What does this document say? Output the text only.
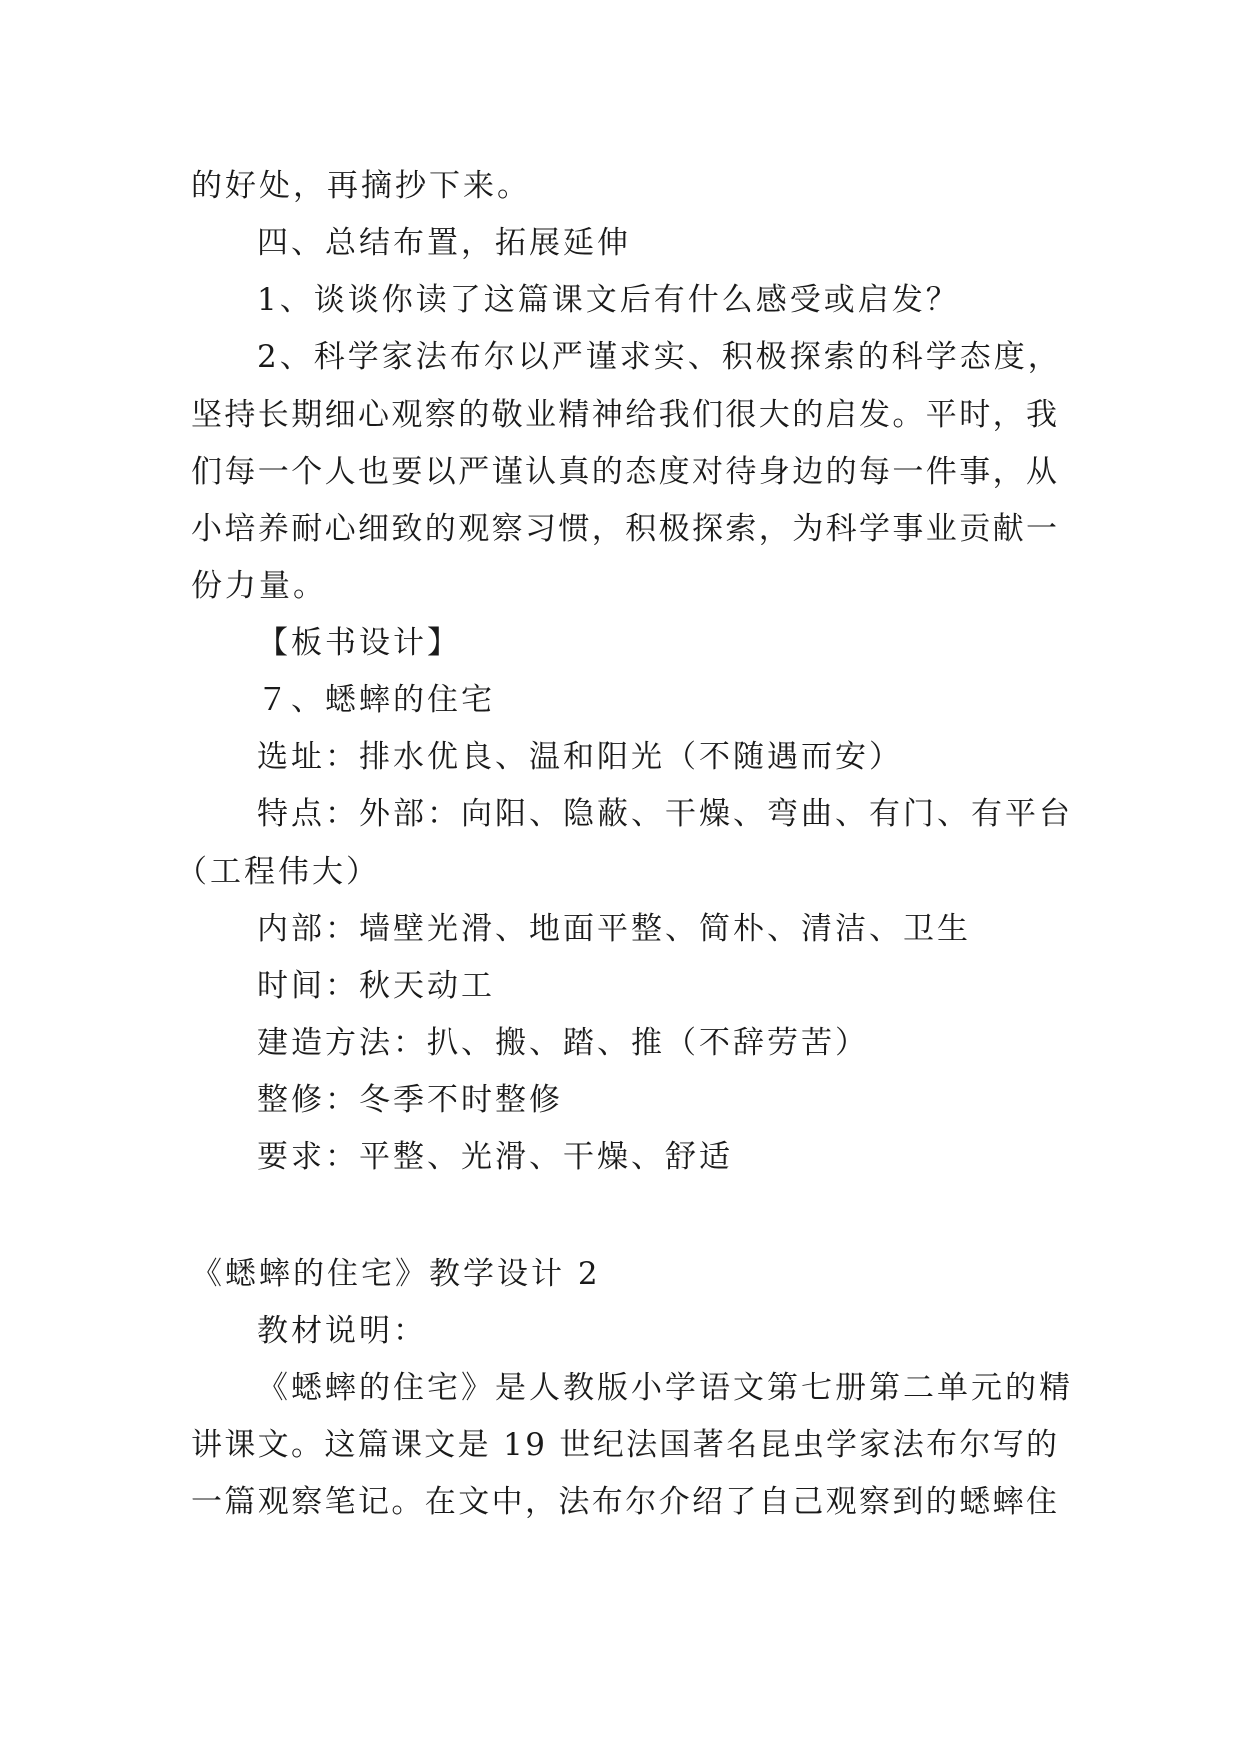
的好处，再摘抄下来。
四、总结布置，拓展延伸
1、谈谈你读了这篇课文后有什么感受或启发？
2、科学家法布尔以严谨求实、积极探索的科学态度，
坚持长期细心观察的敬业精神给我们很大的启发。平时，我
们每一个人也要以严谨认真的态度对待身边的每一件事，从
小培养耐心细致的观察习惯，积极探索，为科学事业贡献一
份力量。
【板书设计】
７、蟋蟀的住宅
选址：排水优良、温和阳光（不随遇而安）
特点：外部：向阳、隐蔽、干燥、弯曲、有门、有平台
（工程伟大）
内部：墙壁光滑、地面平整、简朴、清洁、卫生
时间：秋天动工
建造方法：扒、搬、踏、推（不辞劳苦）
整修：冬季不时整修
要求：平整、光滑、干燥、舒适
《蟋蟀的住宅》教学设计 2
教材说明：
《蟋蟀的住宅》是人教版小学语文第七册第二单元的精
讲课文。这篇课文是 19 世纪法国著名昆虫学家法布尔写的
一篇观察笔记。在文中，法布尔介绍了自己观察到的蟋蟀住
